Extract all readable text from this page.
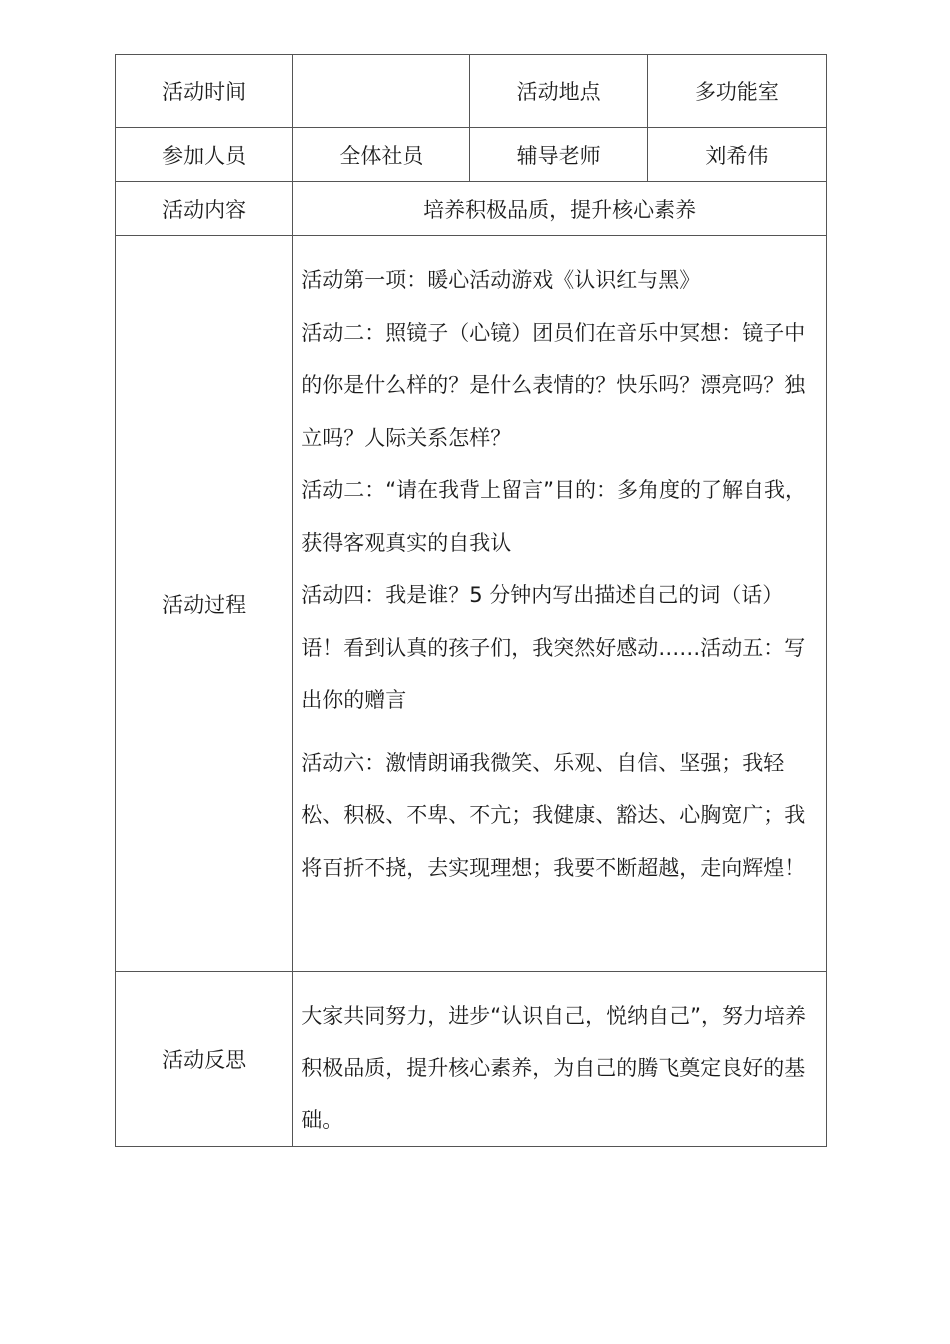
活动时间		活动地点	多功能室
参加人员	全体社员	辅导老师	刘希伟
活动内容	培养积极品质，提升核心素养		
活动过程	活动第一项：暖心活动游戏《认识红与黑》

活动二：照镜子（心镜）团员们在音乐中冥想：镜子中的你是什么样的？是什么表情的？快乐吗？漂亮吗？独立吗？人际关系怎样？

活动二：“请在我背上留言”目的：多角度的了解自我，获得客观真实的自我认

活动四：我是谁？5 分钟内写出描述自己的词（话）语！看到认真的孩子们，我突然好感动……活动五：写出你的赠言

活动六：激情朗诵我微笑、乐观、自信、坚强；我轻松、积极、不卑、不亢；我健康、豁达、心胸宽广；我将百折不挠，去实现理想；我要不断超越，走向辉煌！		

活动反思	大家共同努力，进步“认识自己，悦纳自己”，努力培养积极品质，提升核心素养，为自己的腾飞奠定良好的基础。		
